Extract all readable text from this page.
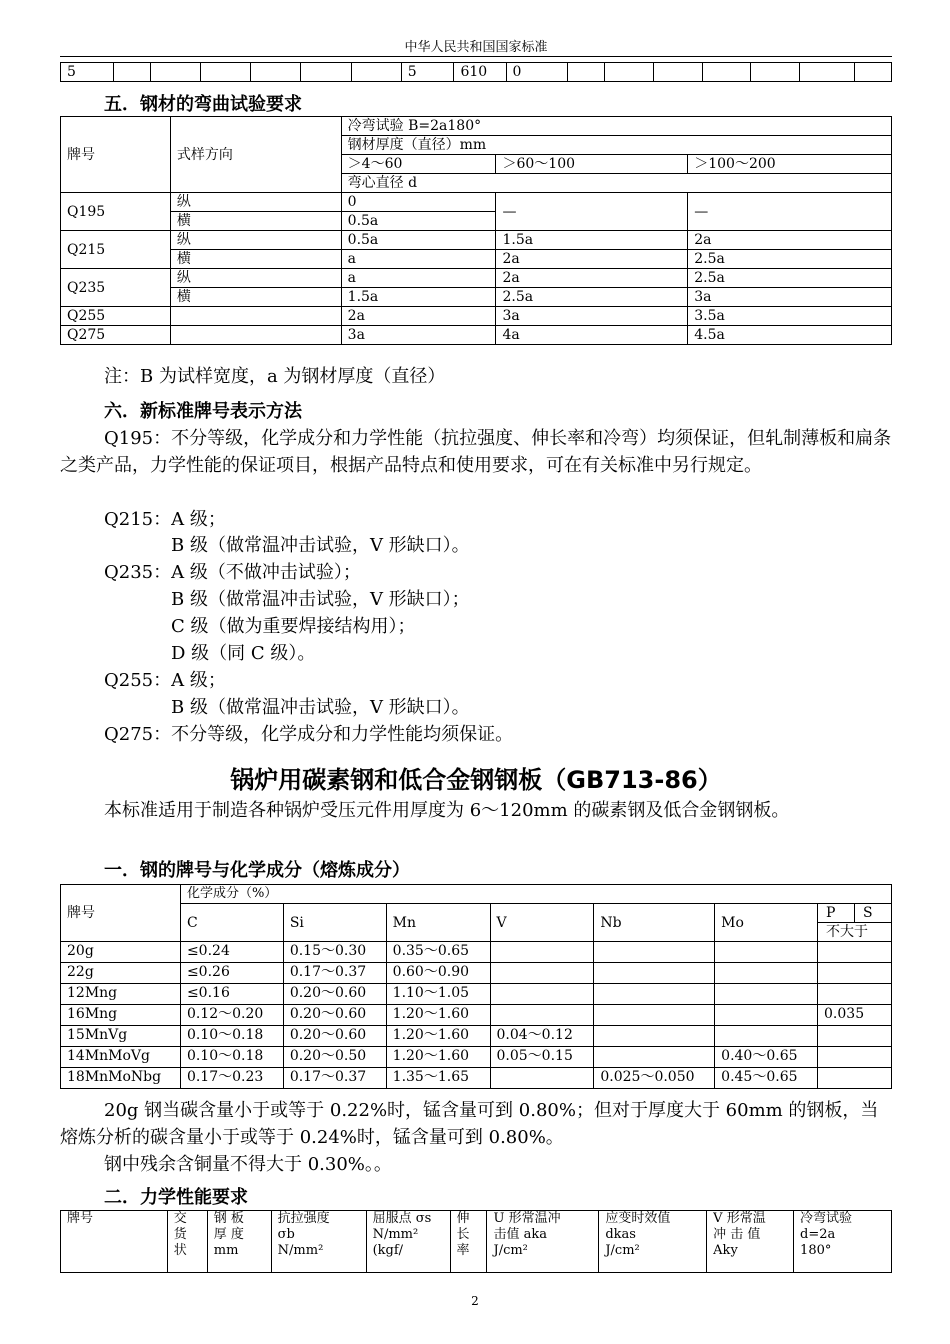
中华人民共和国国家标准
5							5	610	0							
五．钢材的弯曲试验要求
牌号	式样方向	冷弯试验 B=2a180°		
		钢材厚度（直径）mm		
		＞4～60	＞60～100	＞100～200
		弯心直径 d		
Q195	纵	0	—	—
	横	0.5a		
Q215	纵	0.5a	1.5a	2a
	横	a	2a	2.5a
Q235	纵	a	2a	2.5a
	横	1.5a	2.5a	3a
Q255		2a	3a	3.5a
Q275		3a	4a	4.5a
注：B 为试样宽度，a 为钢材厚度（直径）
六．新标准牌号表示方法
Q195：不分等级，化学成分和力学性能（抗拉强度、伸长率和冷弯）均须保证，但轧制薄板和扁条之类产品，力学性能的保证项目，根据产品特点和使用要求，可在有关标准中另行规定。
Q215：A 级；
B 级（做常温冲击试验，V 形缺口）。
Q235：A 级（不做冲击试验）；
B 级（做常温冲击试验，V 形缺口）；
C 级（做为重要焊接结构用）；
D 级（同 C 级）。
Q255：A 级；
B 级（做常温冲击试验，V 形缺口）。
Q275：不分等级，化学成分和力学性能均须保证。
锅炉用碳素钢和低合金钢钢板（GB713-86）
本标准适用于制造各种锅炉受压元件用厚度为 6～120mm 的碳素钢及低合金钢钢板。
一．钢的牌号与化学成分（熔炼成分）
牌号	化学成分（%）						
	C	Si	Mn	V	Nb	Mo	P S
不大于

20g	≤0.24	0.15～0.30	0.35～0.65				
22g	≤0.26	0.17～0.37	0.60～0.90				
12Mng	≤0.16	0.20～0.60	1.10～1.05				
16Mng	0.12～0.20	0.20～0.60	1.20～1.60				0.035
15MnVg	0.10～0.18	0.20～0.60	1.20～1.60	0.04～0.12			
14MnMoVg	0.10～0.18	0.20～0.50	1.20～1.60	0.05～0.15		0.40～0.65	
18MnMoNbg	0.17～0.23	0.17～0.37	1.35～1.65		0.025～0.050	0.45～0.65	
20g 钢当碳含量小于或等于 0.22%时，锰含量可到 0.80%；但对于厚度大于 60mm 的钢板，当熔炼分析的碳含量小于或等于 0.24%时，锰含量可到 0.80%。
钢中残余含铜量不得大于 0.30%。。
二．力学性能要求
牌号	交
货
状	钢 板
厚 度
mm	抗拉强度
σb
N/mm²	屈服点 σs
N/mm²
(kgf/	伸
长
率	U 形常温冲
击值 aka
J/cm²	应变时效值
dkas
J/cm²	V 形常温
冲 击 值
Aky	冷弯试验
d=2a
180°
2
